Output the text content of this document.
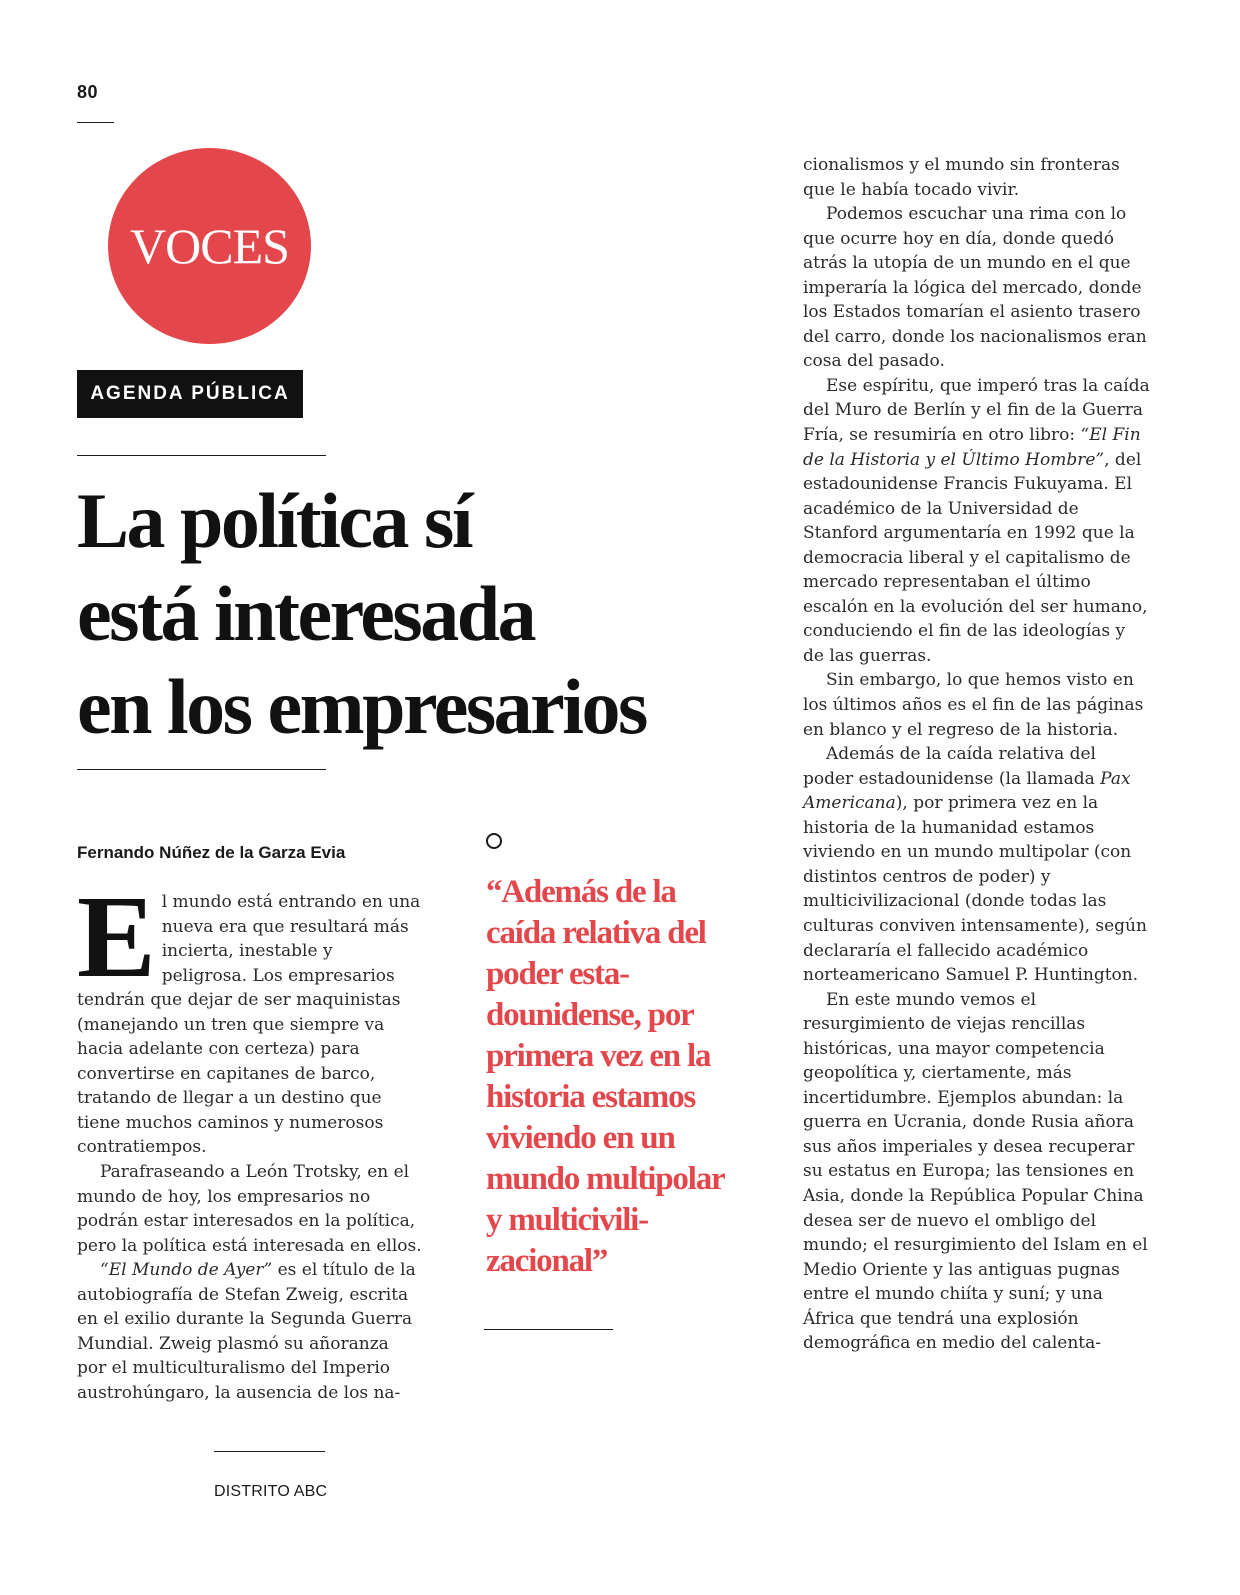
80
VOCES
AGENDA PÚBLICA
La política sí
está interesada
en los empresarios
Fernando Núñez de la Garza Evia

“Además de la caída relativa del poder estadounidense, por primera vez en la historia estamos viviendo en un mundo multipolar y multicivilizacional”

El mundo está entrando en una nueva era que resultará más incierta, inestable y peligrosa. Los empresarios tendrán que dejar de ser maquinistas (manejando un tren que siempre va hacia adelante con certeza) para convertirse en capitanes de barco, tratando de llegar a un destino que tiene muchos caminos y numerosos contratiempos.

Parafraseando a León Trotsky, en el mundo de hoy, los empresarios no podrán estar interesados en la política, pero la política está interesada en ellos.

“El Mundo de Ayer” es el título de la autobiografía de Stefan Zweig, escrita en el exilio durante la Segunda Guerra Mundial. Zweig plasmó su añoranza por el multiculturalismo del Imperio austrohúngaro, la ausencia de los na-

DISTRITO ABC

cionalismos y el mundo sin fronteras que le había tocado vivir.

Podemos escuchar una rima con lo que ocurre hoy en día, donde quedó atrás la utopía de un mundo en el que imperaría la lógica del mercado, donde los Estados tomarían el asiento trasero del carro, donde los nacionalismos eran cosa del pasado.

Ese espíritu, que imperó tras la caída del Muro de Berlín y el fin de la Guerra Fría, se resumiría en otro libro: “El Fin de la Historia y el Último Hombre”, del estadounidense Francis Fukuyama. El académico de la Universidad de Stanford argumentaría en 1992 que la democracia liberal y el capitalismo de mercado representaban el último escalón en la evolución del ser humano, conduciendo el fin de las ideologías y de las guerras.

Sin embargo, lo que hemos visto en los últimos años es el fin de las páginas en blanco y el regreso de la historia.

Además de la caída relativa del poder estadounidense (la llamada Pax Americana), por primera vez en la historia de la humanidad estamos viviendo en un mundo multipolar (con distintos centros de poder) y multicivilizacional (donde todas las culturas conviven intensamente), según declararía el fallecido académico norteamericano Samuel P. Huntington.

En este mundo vemos el resurgimiento de viejas rencillas históricas, una mayor competencia geopolítica y, ciertamente, más incertidumbre. Ejemplos abundan: la guerra en Ucrania, donde Rusia añora sus años imperiales y desea recuperar su estatus en Europa; las tensiones en Asia, donde la República Popular China desea ser de nuevo el ombligo del mundo; el resurgimiento del Islam en el Medio Oriente y las antiguas pugnas entre el mundo chiíta y suní; y una África que tendrá una explosión demográfica en medio del calenta-
